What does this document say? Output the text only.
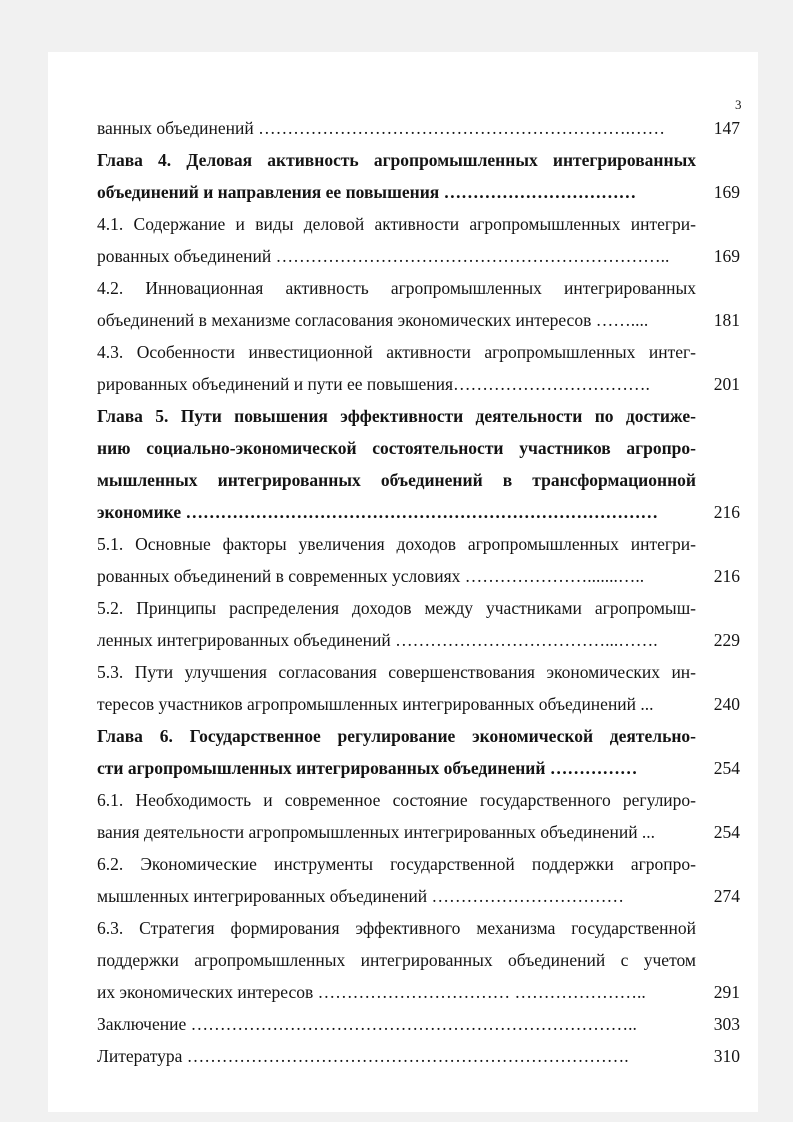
3
ванных объединений ……………………………………………………….……	147
Глава 4. Деловая активность агропромышленных интегрированных
объединений и направления ее повышения ……………………………	169
4.1. Содержание и виды деловой активности агропромышленных интегри-
рованных объединений …………………………………………………………..	169
4.2. Инновационная активность агропромышленных интегрированных
объединений в механизме согласования экономических интересов ……....	181
4.3. Особенности инвестиционной активности агропромышленных интег-
рированных объединений и пути ее повышения…………………………….	201
Глава 5. Пути повышения эффективности деятельности по достиже-
нию социально-экономической состоятельности участников агропро-
мышленных интегрированных объединений в трансформационной
экономике ………………………………………………………………………	216
5.1. Основные факторы увеличения доходов агропромышленных интегри-
рованных объединений в современных условиях ………………….......…..	216
5.2. Принципы распределения доходов между участниками агропромыш-
ленных интегрированных объединений ………………………………...…….	229
5.3. Пути улучшения согласования совершенствования экономических ин-
тересов участников агропромышленных интегрированных объединений ...	240
Глава 6. Государственное регулирование экономической деятельно-
сти агропромышленных интегрированных объединений ……………	254
6.1. Необходимость и современное состояние государственного регулиро-
вания деятельности агропромышленных интегрированных объединений ...	254
6.2. Экономические инструменты государственной поддержки агропро-
мышленных интегрированных объединений ……………………………	274
6.3. Стратегия формирования эффективного механизма государственной
поддержки агропромышленных интегрированных объединений с учетом
их экономических интересов …………………………… …………………..	291
Заключение …………………………………………………………………..	303
Литература ………………………………………………………………….	310
